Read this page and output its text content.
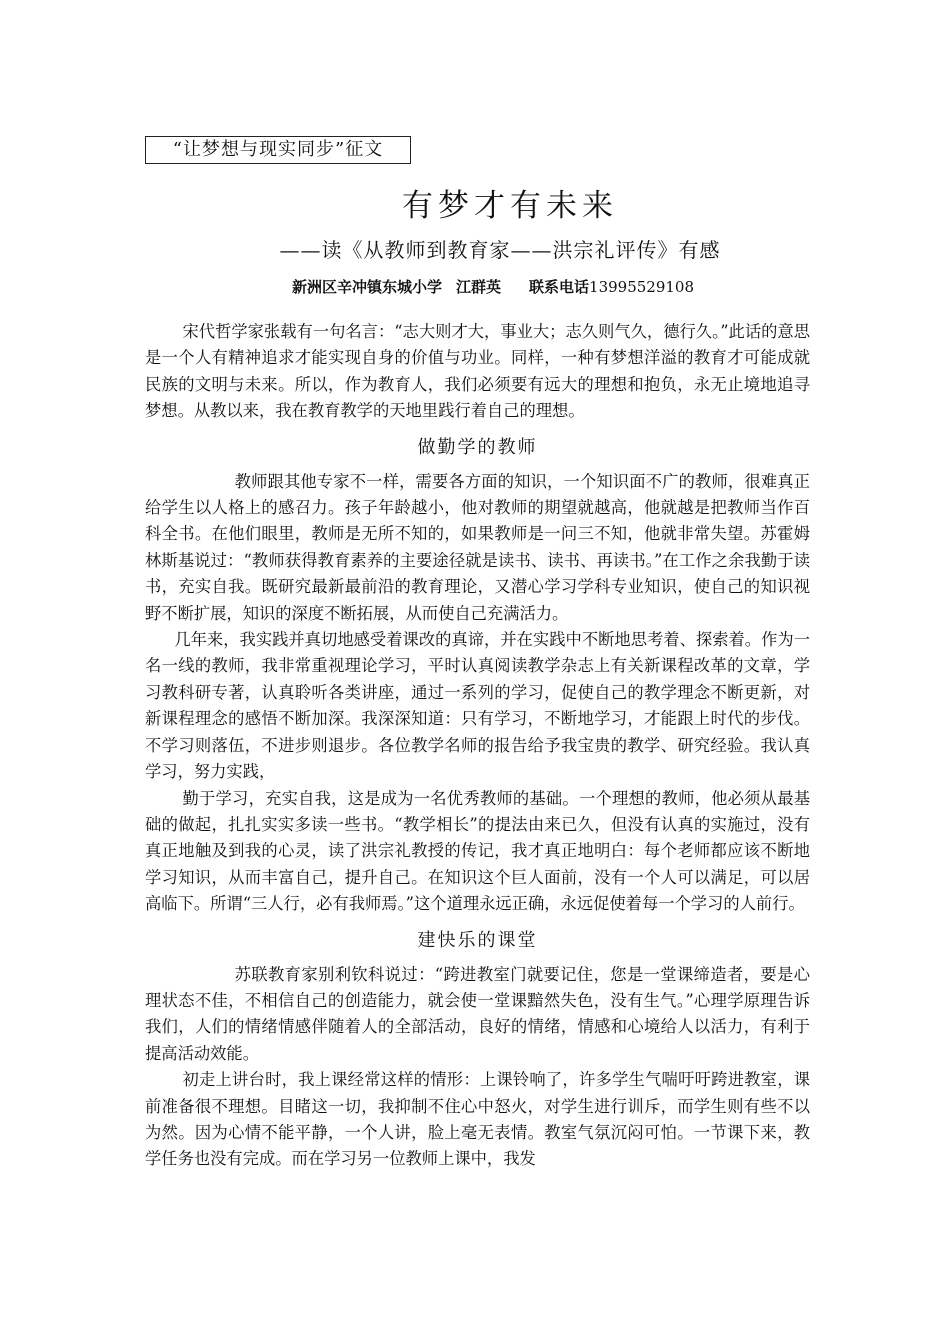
“让梦想与现实同步”征文
有梦才有未来
——读《从教师到教育家——洪宗礼评传》有感
新洲区辛冲镇东城小学 江群英 联系电话13995529108

宋代哲学家张载有一句名言：“志大则才大，事业大；志久则气久，德行久。”此话的意思是一个人有精神追求才能实现自身的价值与功业。同样，一种有梦想洋溢的教育才可能成就民族的文明与未来。所以，作为教育人，我们必须要有远大的理想和抱负，永无止境地追寻梦想。从教以来，我在教育教学的天地里践行着自己的理想。

做勤学的教师

教师跟其他专家不一样，需要各方面的知识，一个知识面不广的教师，很难真正给学生以人格上的感召力。孩子年龄越小，他对教师的期望就越高，他就越是把教师当作百科全书。在他们眼里，教师是无所不知的，如果教师是一问三不知，他就非常失望。苏霍姆林斯基说过：“教师获得教育素养的主要途径就是读书、读书、再读书。”在工作之余我勤于读书，充实自我。既研究最新最前沿的教育理论，又潜心学习学科专业知识，使自己的知识视野不断扩展，知识的深度不断拓展，从而使自己充满活力。

几年来，我实践并真切地感受着课改的真谛，并在实践中不断地思考着、探索着。作为一名一线的教师，我非常重视理论学习，平时认真阅读教学杂志上有关新课程改革的文章，学习教科研专著，认真聆听各类讲座，通过一系列的学习，促使自己的教学理念不断更新，对新课程理念的感悟不断加深。我深深知道：只有学习，不断地学习，才能跟上时代的步伐。不学习则落伍，不进步则退步。各位教学名师的报告给予我宝贵的教学、研究经验。我认真学习，努力实践，

勤于学习，充实自我，这是成为一名优秀教师的基础。一个理想的教师，他必须从最基础的做起，扎扎实实多读一些书。“教学相长”的提法由来已久，但没有认真的实施过，没有真正地触及到我的心灵，读了洪宗礼教授的传记，我才真正地明白：每个老师都应该不断地学习知识，从而丰富自己，提升自己。在知识这个巨人面前，没有一个人可以满足，可以居高临下。所谓“三人行，必有我师焉。”这个道理永远正确，永远促使着每一个学习的人前行。

建快乐的课堂

苏联教育家别利钦科说过：“跨进教室门就要记住，您是一堂课缔造者，要是心理状态不佳，不相信自己的创造能力，就会使一堂课黯然失色，没有生气。”心理学原理告诉我们，人们的情绪情感伴随着人的全部活动，良好的情绪，情感和心境给人以活力，有利于提高活动效能。

初走上讲台时，我上课经常这样的情形：上课铃响了，许多学生气喘吁吁跨进教室，课前准备很不理想。目睹这一切，我抑制不住心中怒火，对学生进行训斥，而学生则有些不以为然。因为心情不能平静，一个人讲，脸上毫无表情。教室气氛沉闷可怕。一节课下来，教学任务也没有完成。而在学习另一位教师上课中，我发
